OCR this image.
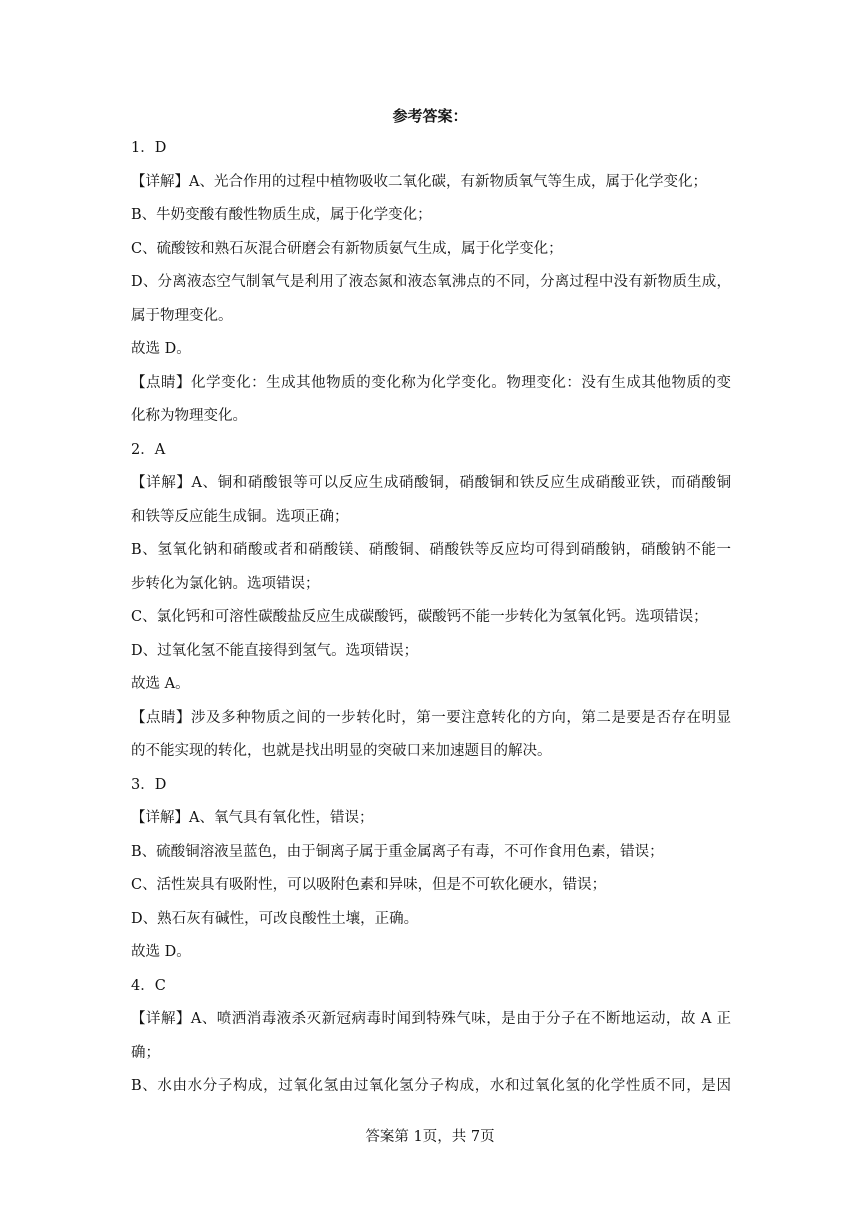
参考答案：
1．D
【详解】A、光合作用的过程中植物吸收二氧化碳，有新物质氧气等生成，属于化学变化；
B、牛奶变酸有酸性物质生成，属于化学变化；
C、硫酸铵和熟石灰混合研磨会有新物质氨气生成，属于化学变化；
D、分离液态空气制氧气是利用了液态氮和液态氧沸点的不同，分离过程中没有新物质生成，
属于物理变化。
故选 D。
【点睛】化学变化：生成其他物质的变化称为化学变化。物理变化：没有生成其他物质的变
化称为物理变化。
2．A
【详解】A、铜和硝酸银等可以反应生成硝酸铜，硝酸铜和铁反应生成硝酸亚铁，而硝酸铜
和铁等反应能生成铜。选项正确；
B、氢氧化钠和硝酸或者和硝酸镁、硝酸铜、硝酸铁等反应均可得到硝酸钠，硝酸钠不能一
步转化为氯化钠。选项错误；
C、氯化钙和可溶性碳酸盐反应生成碳酸钙，碳酸钙不能一步转化为氢氧化钙。选项错误；
D、过氧化氢不能直接得到氢气。选项错误；
故选 A。
【点睛】涉及多种物质之间的一步转化时，第一要注意转化的方向，第二是要是否存在明显
的不能实现的转化，也就是找出明显的突破口来加速题目的解决。
3．D
【详解】A、氧气具有氧化性，错误；
B、硫酸铜溶液呈蓝色，由于铜离子属于重金属离子有毒，不可作食用色素，错误；
C、活性炭具有吸附性，可以吸附色素和异味，但是不可软化硬水，错误；
D、熟石灰有碱性，可改良酸性土壤，正确。
故选 D。
4．C
【详解】A、喷洒消毒液杀灭新冠病毒时闻到特殊气味，是由于分子在不断地运动，故 A 正
确；
B、水由水分子构成，过氧化氢由过氧化氢分子构成，水和过氧化氢的化学性质不同，是因
答案第 1页，共 7页
